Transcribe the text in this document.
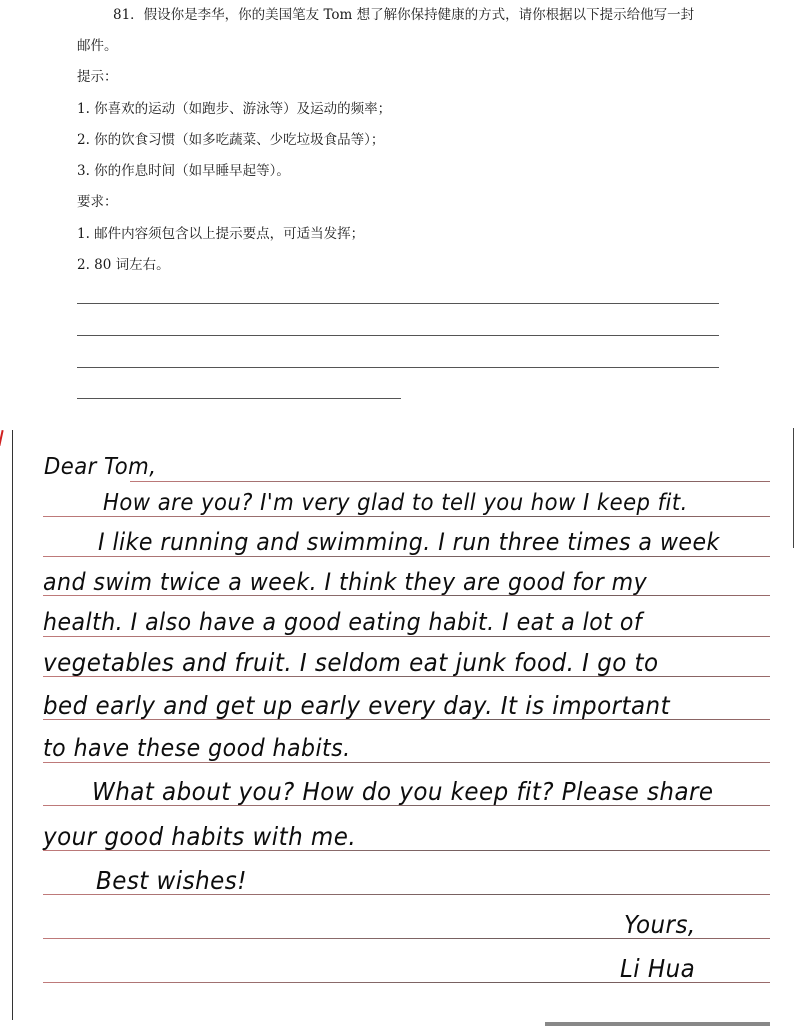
81．假设你是李华，你的美国笔友 Tom 想了解你保持健康的方式，请你根据以下提示给他写一封
邮件。
提示：
1. 你喜欢的运动（如跑步、游泳等）及运动的频率；
2. 你的饮食习惯（如多吃蔬菜、少吃垃圾食品等）；
3. 你的作息时间（如早睡早起等）。
要求：
1. 邮件内容须包含以上提示要点，可适当发挥；
2. 80 词左右。
Dear Tom,
How are you? I'm very glad to tell you how I keep fit.
I like running and swimming. I run three times a week
and swim twice a week. I think they are good for my
health. I also have a good eating habit. I eat a lot of
vegetables and fruit. I seldom eat junk food. I go to
bed early and get up early every day. It is important
to have these good habits.
What about you? How do you keep fit? Please share
your good habits with me.
Best wishes!
Yours,
Li Hua
